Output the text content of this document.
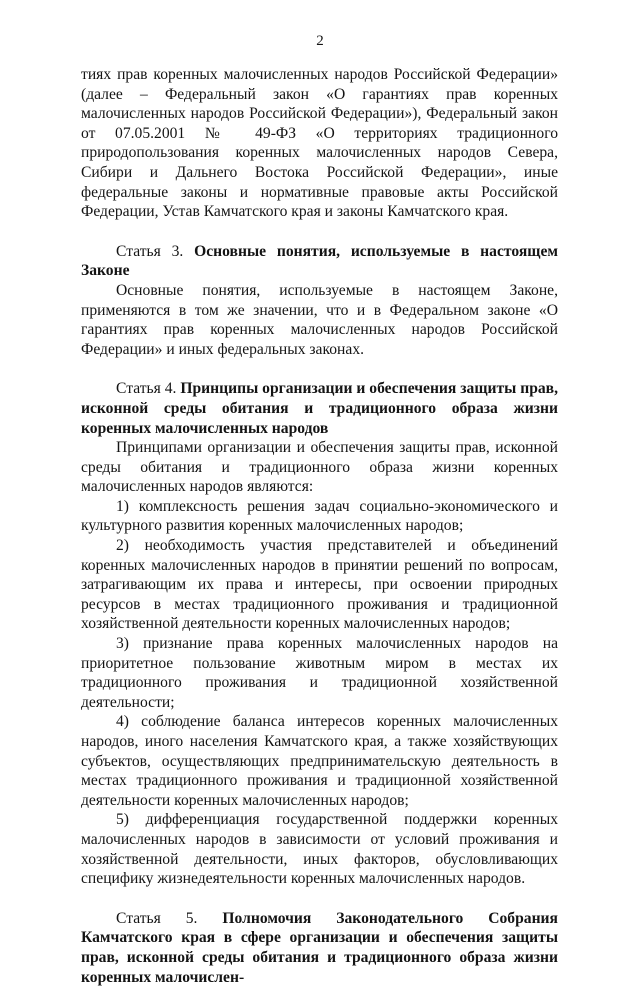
2

тиях прав коренных малочисленных народов Российской Федерации» (далее – Федеральный закон «О гарантиях прав коренных малочисленных народов Российской Федерации»), Федеральный закон от 07.05.2001 № 49-ФЗ «О территориях традиционного природопользования коренных малочисленных народов Севера, Сибири и Дальнего Востока Российской Федерации», иные федеральные законы и нормативные правовые акты Российской Федерации, Устав Камчатского края и законы Камчатского края.

Статья 3. Основные понятия, используемые в настоящем Законе

Основные понятия, используемые в настоящем Законе, применяются в том же значении, что и в Федеральном законе «О гарантиях прав коренных малочисленных народов Российской Федерации» и иных федеральных законах.

Статья 4. Принципы организации и обеспечения защиты прав, исконной среды обитания и традиционного образа жизни коренных малочисленных народов

Принципами организации и обеспечения защиты прав, исконной среды обитания и традиционного образа жизни коренных малочисленных народов являются:

1) комплексность решения задач социально-экономического и культурного развития коренных малочисленных народов;

2) необходимость участия представителей и объединений коренных малочисленных народов в принятии решений по вопросам, затрагивающим их права и интересы, при освоении природных ресурсов в местах традиционного проживания и традиционной хозяйственной деятельности коренных малочисленных народов;

3) признание права коренных малочисленных народов на приоритетное пользование животным миром в местах их традиционного проживания и традиционной хозяйственной деятельности;

4) соблюдение баланса интересов коренных малочисленных народов, иного населения Камчатского края, а также хозяйствующих субъектов, осуществляющих предпринимательскую деятельность в местах традиционного проживания и традиционной хозяйственной деятельности коренных малочисленных народов;

5) дифференциация государственной поддержки коренных малочисленных народов в зависимости от условий проживания и хозяйственной деятельности, иных факторов, обусловливающих специфику жизнедеятельности коренных малочисленных народов.

Статья 5. Полномочия Законодательного Собрания Камчатского края в сфере организации и обеспечения защиты прав, исконной среды обитания и традиционного образа жизни коренных малочислен-
